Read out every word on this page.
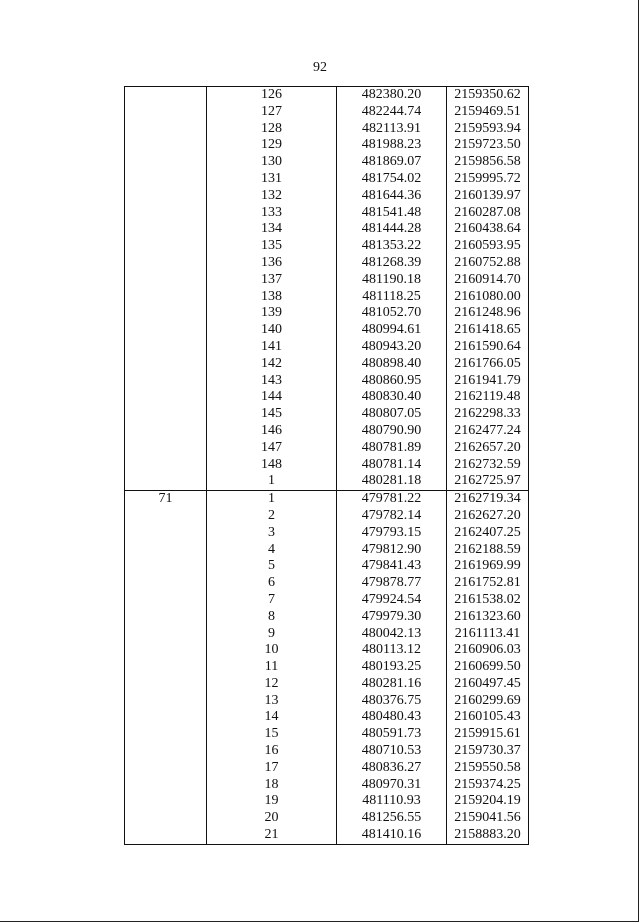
92
	126	482380.20	2159350.62
	127	482244.74	2159469.51
	128	482113.91	2159593.94
	129	481988.23	2159723.50
	130	481869.07	2159856.58
	131	481754.02	2159995.72
	132	481644.36	2160139.97
	133	481541.48	2160287.08
	134	481444.28	2160438.64
	135	481353.22	2160593.95
	136	481268.39	2160752.88
	137	481190.18	2160914.70
	138	481118.25	2161080.00
	139	481052.70	2161248.96
	140	480994.61	2161418.65
	141	480943.20	2161590.64
	142	480898.40	2161766.05
	143	480860.95	2161941.79
	144	480830.40	2162119.48
	145	480807.05	2162298.33
	146	480790.90	2162477.24
	147	480781.89	2162657.20
	148	480781.14	2162732.59
	1	480281.18	2162725.97
71	1	479781.22	2162719.34
	2	479782.14	2162627.20
	3	479793.15	2162407.25
	4	479812.90	2162188.59
	5	479841.43	2161969.99
	6	479878.77	2161752.81
	7	479924.54	2161538.02
	8	479979.30	2161323.60
	9	480042.13	2161113.41
	10	480113.12	2160906.03
	11	480193.25	2160699.50
	12	480281.16	2160497.45
	13	480376.75	2160299.69
	14	480480.43	2160105.43
	15	480591.73	2159915.61
	16	480710.53	2159730.37
	17	480836.27	2159550.58
	18	480970.31	2159374.25
	19	481110.93	2159204.19
	20	481256.55	2159041.56
	21	481410.16	2158883.20
